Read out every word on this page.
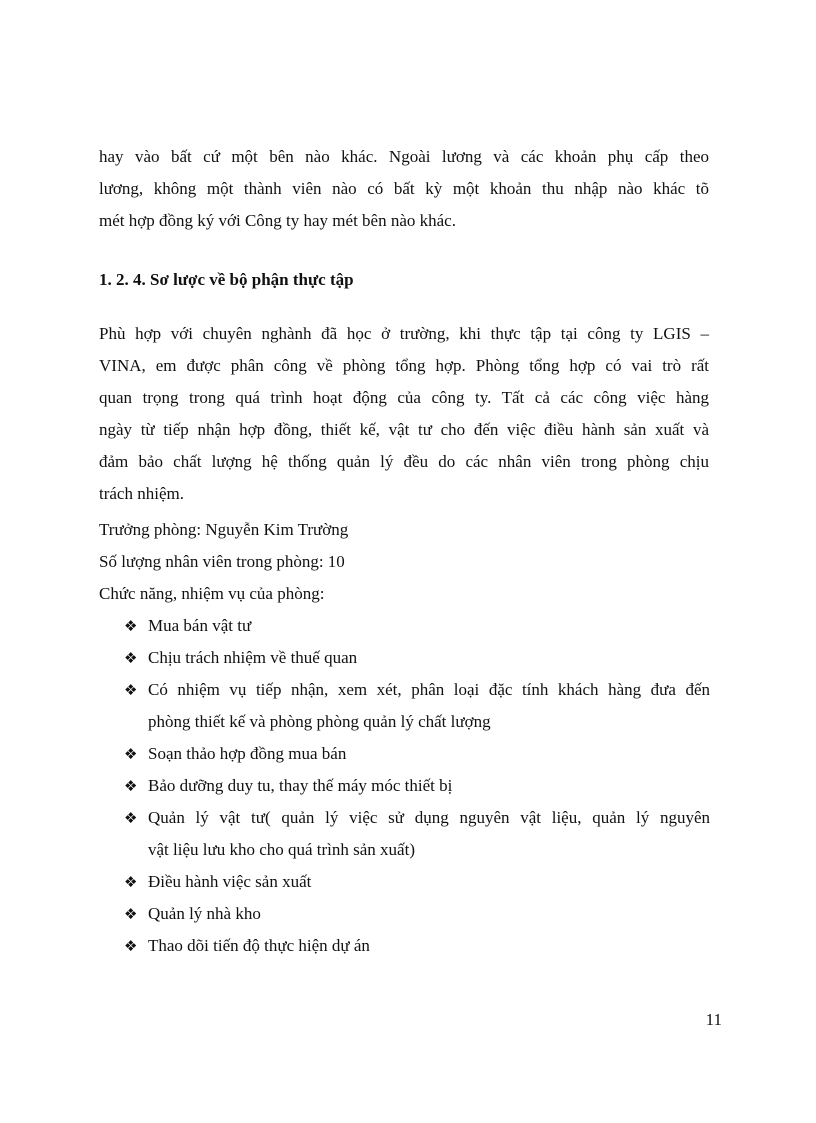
hay vào bất cứ một bên nào khác. Ngoài lương và các khoản phụ cấp theo
lương, không một thành viên nào có bất kỳ một khoản thu nhập nào khác tõ
mét hợp đồng ký với Công ty hay mét bên nào khác.
1. 2. 4. Sơ lược về bộ phận thực tập
Phù hợp với chuyên nghành đã học ở trường, khi thực tập tại công ty LGIS –
VINA, em được phân công về phòng tổng hợp. Phòng tổng hợp có vai trò rất
quan trọng trong quá trình hoạt động của công ty. Tất cả các công việc hàng
ngày từ tiếp nhận hợp đồng, thiết kế, vật tư cho đến việc điều hành sản xuất và
đảm bảo chất lượng hệ thống quản lý đều do các nhân viên trong phòng chịu
trách nhiệm.
Trưởng phòng: Nguyễn Kim Trường
Số lượng nhân viên trong phòng: 10
Chức năng, nhiệm vụ của phòng:
❖ Mua bán vật tư
❖ Chịu trách nhiệm về thuế quan
❖ Có nhiệm vụ tiếp nhận, xem xét, phân loại đặc tính khách hàng đưa đến
phòng thiết kế và phòng phòng quản lý chất lượng
❖ Soạn thảo hợp đồng mua bán
❖ Bảo dưỡng duy tu, thay thế máy móc thiết bị
❖ Quản lý vật tư( quản lý việc sử dụng nguyên vật liệu, quản lý nguyên
vật liệu lưu kho cho quá trình sản xuất)
❖ Điều hành việc sản xuất
❖ Quản lý nhà kho
❖ Thao dõi tiến độ thực hiện dự án
11
